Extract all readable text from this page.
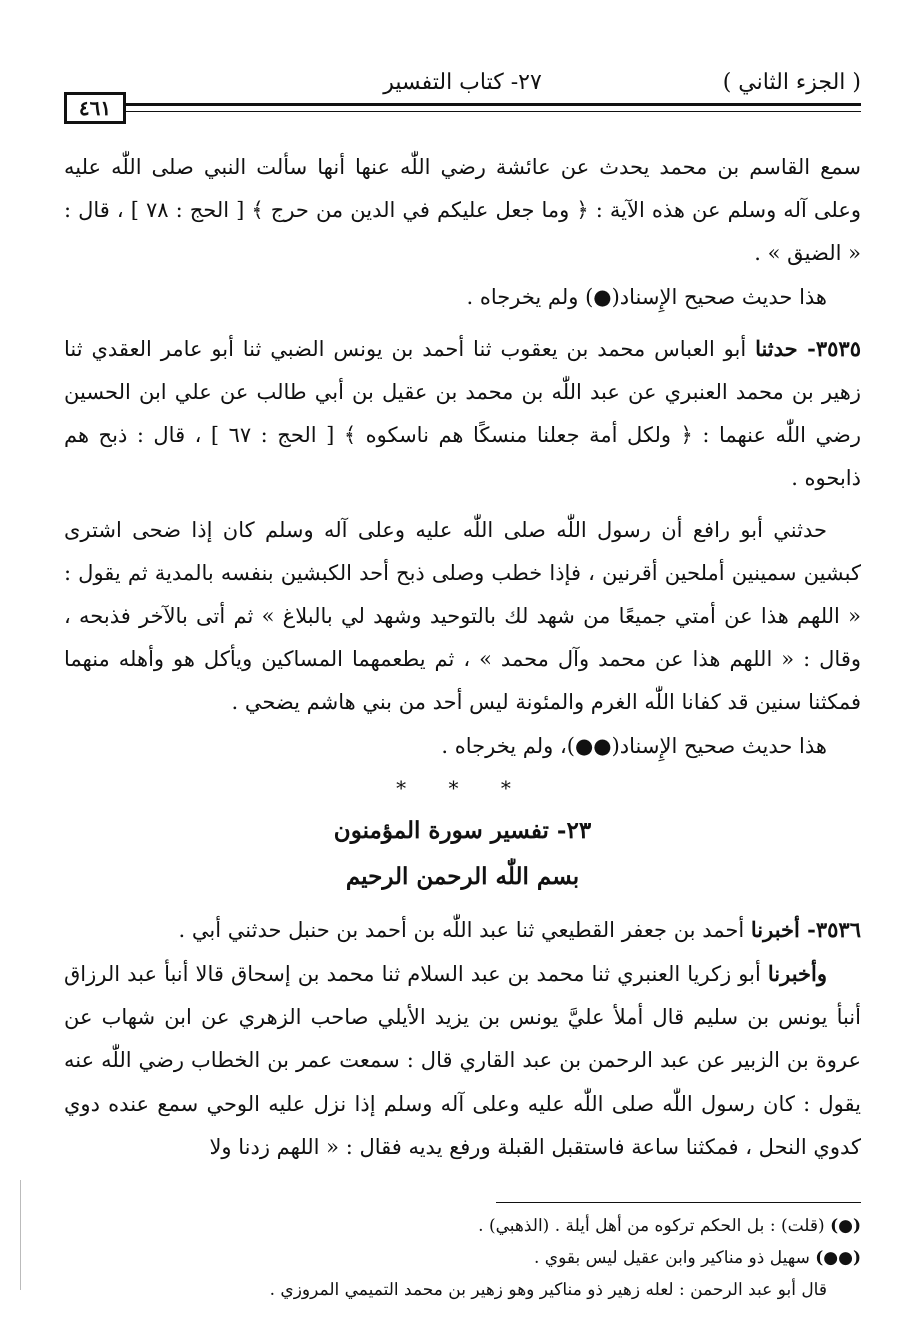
( الجزء الثاني )
٢٧- كتاب التفسير
٤٦١

سمع القاسم بن محمد يحدث عن عائشة رضي اللّٰه عنها أنها سألت النبي صلى اللّٰه عليه وعلى آله وسلم عن هذه الآية : ﴿ وما جعل عليكم في الدين من حرج ﴾ [ الحج : ٧٨ ] ، قال : « الضيق » .

هذا حديث صحيح الإِسناد(●) ولم يخرجاه .

٣٥٣٥- حدثنا أبو العباس محمد بن يعقوب ثنا أحمد بن يونس الضبي ثنا أبو عامر العقدي ثنا زهير بن محمد العنبري عن عبد اللّٰه بن محمد بن عقيل بن أبي طالب عن علي ابن الحسين رضي اللّٰه عنهما : ﴿ ولكل أمة جعلنا منسكًا هم ناسكوه ﴾ [ الحج : ٦٧ ] ، قال : ذبح هم ذابحوه .

حدثني أبو رافع أن رسول اللّٰه صلى اللّٰه عليه وعلى آله وسلم كان إذا ضحى اشترى كبشين سمينين أملحين أقرنين ، فإذا خطب وصلى ذبح أحد الكبشين بنفسه بالمدية ثم يقول : « اللهم هذا عن أمتي جميعًا من شهد لك بالتوحيد وشهد لي بالبلاغ » ثم أتى بالآخر فذبحه ، وقال : « اللهم هذا عن محمد وآل محمد » ، ثم يطعمهما المساكين ويأكل هو وأهله منهما فمكثنا سنين قد كفانا اللّٰه الغرم والمئونة ليس أحد من بني هاشم يضحي .

هذا حديث صحيح الإِسناد(●●)، ولم يخرجاه .

* * *
٢٣- تفسير سورة المؤمنون
بسم اللّٰه الرحمن الرحيم

٣٥٣٦- أخبرنا أحمد بن جعفر القطيعي ثنا عبد اللّٰه بن أحمد بن حنبل حدثني أبي .

وأخبرنا أبو زكريا العنبري ثنا محمد بن عبد السلام ثنا محمد بن إسحاق قالا أنبأ عبد الرزاق أنبأ يونس بن سليم قال أملأ عليَّ يونس بن يزيد الأيلي صاحب الزهري عن ابن شهاب عن عروة بن الزبير عن عبد الرحمن بن عبد القاري قال : سمعت عمر بن الخطاب رضي اللّٰه عنه يقول : كان رسول اللّٰه صلى اللّٰه عليه وعلى آله وسلم إذا نزل عليه الوحي سمع عنده دوي كدوي النحل ، فمكثنا ساعة فاستقبل القبلة ورفع يديه فقال : « اللهم زدنا ولا

(●) (قلت) : بل الحكم تركوه من أهل أيلة . (الذهبي) .

(●●) سهيل ذو مناكير وابن عقيل ليس بقوي .

قال أبو عبد الرحمن : لعله زهير ذو مناكير وهو زهير بن محمد التميمي المروزي .
